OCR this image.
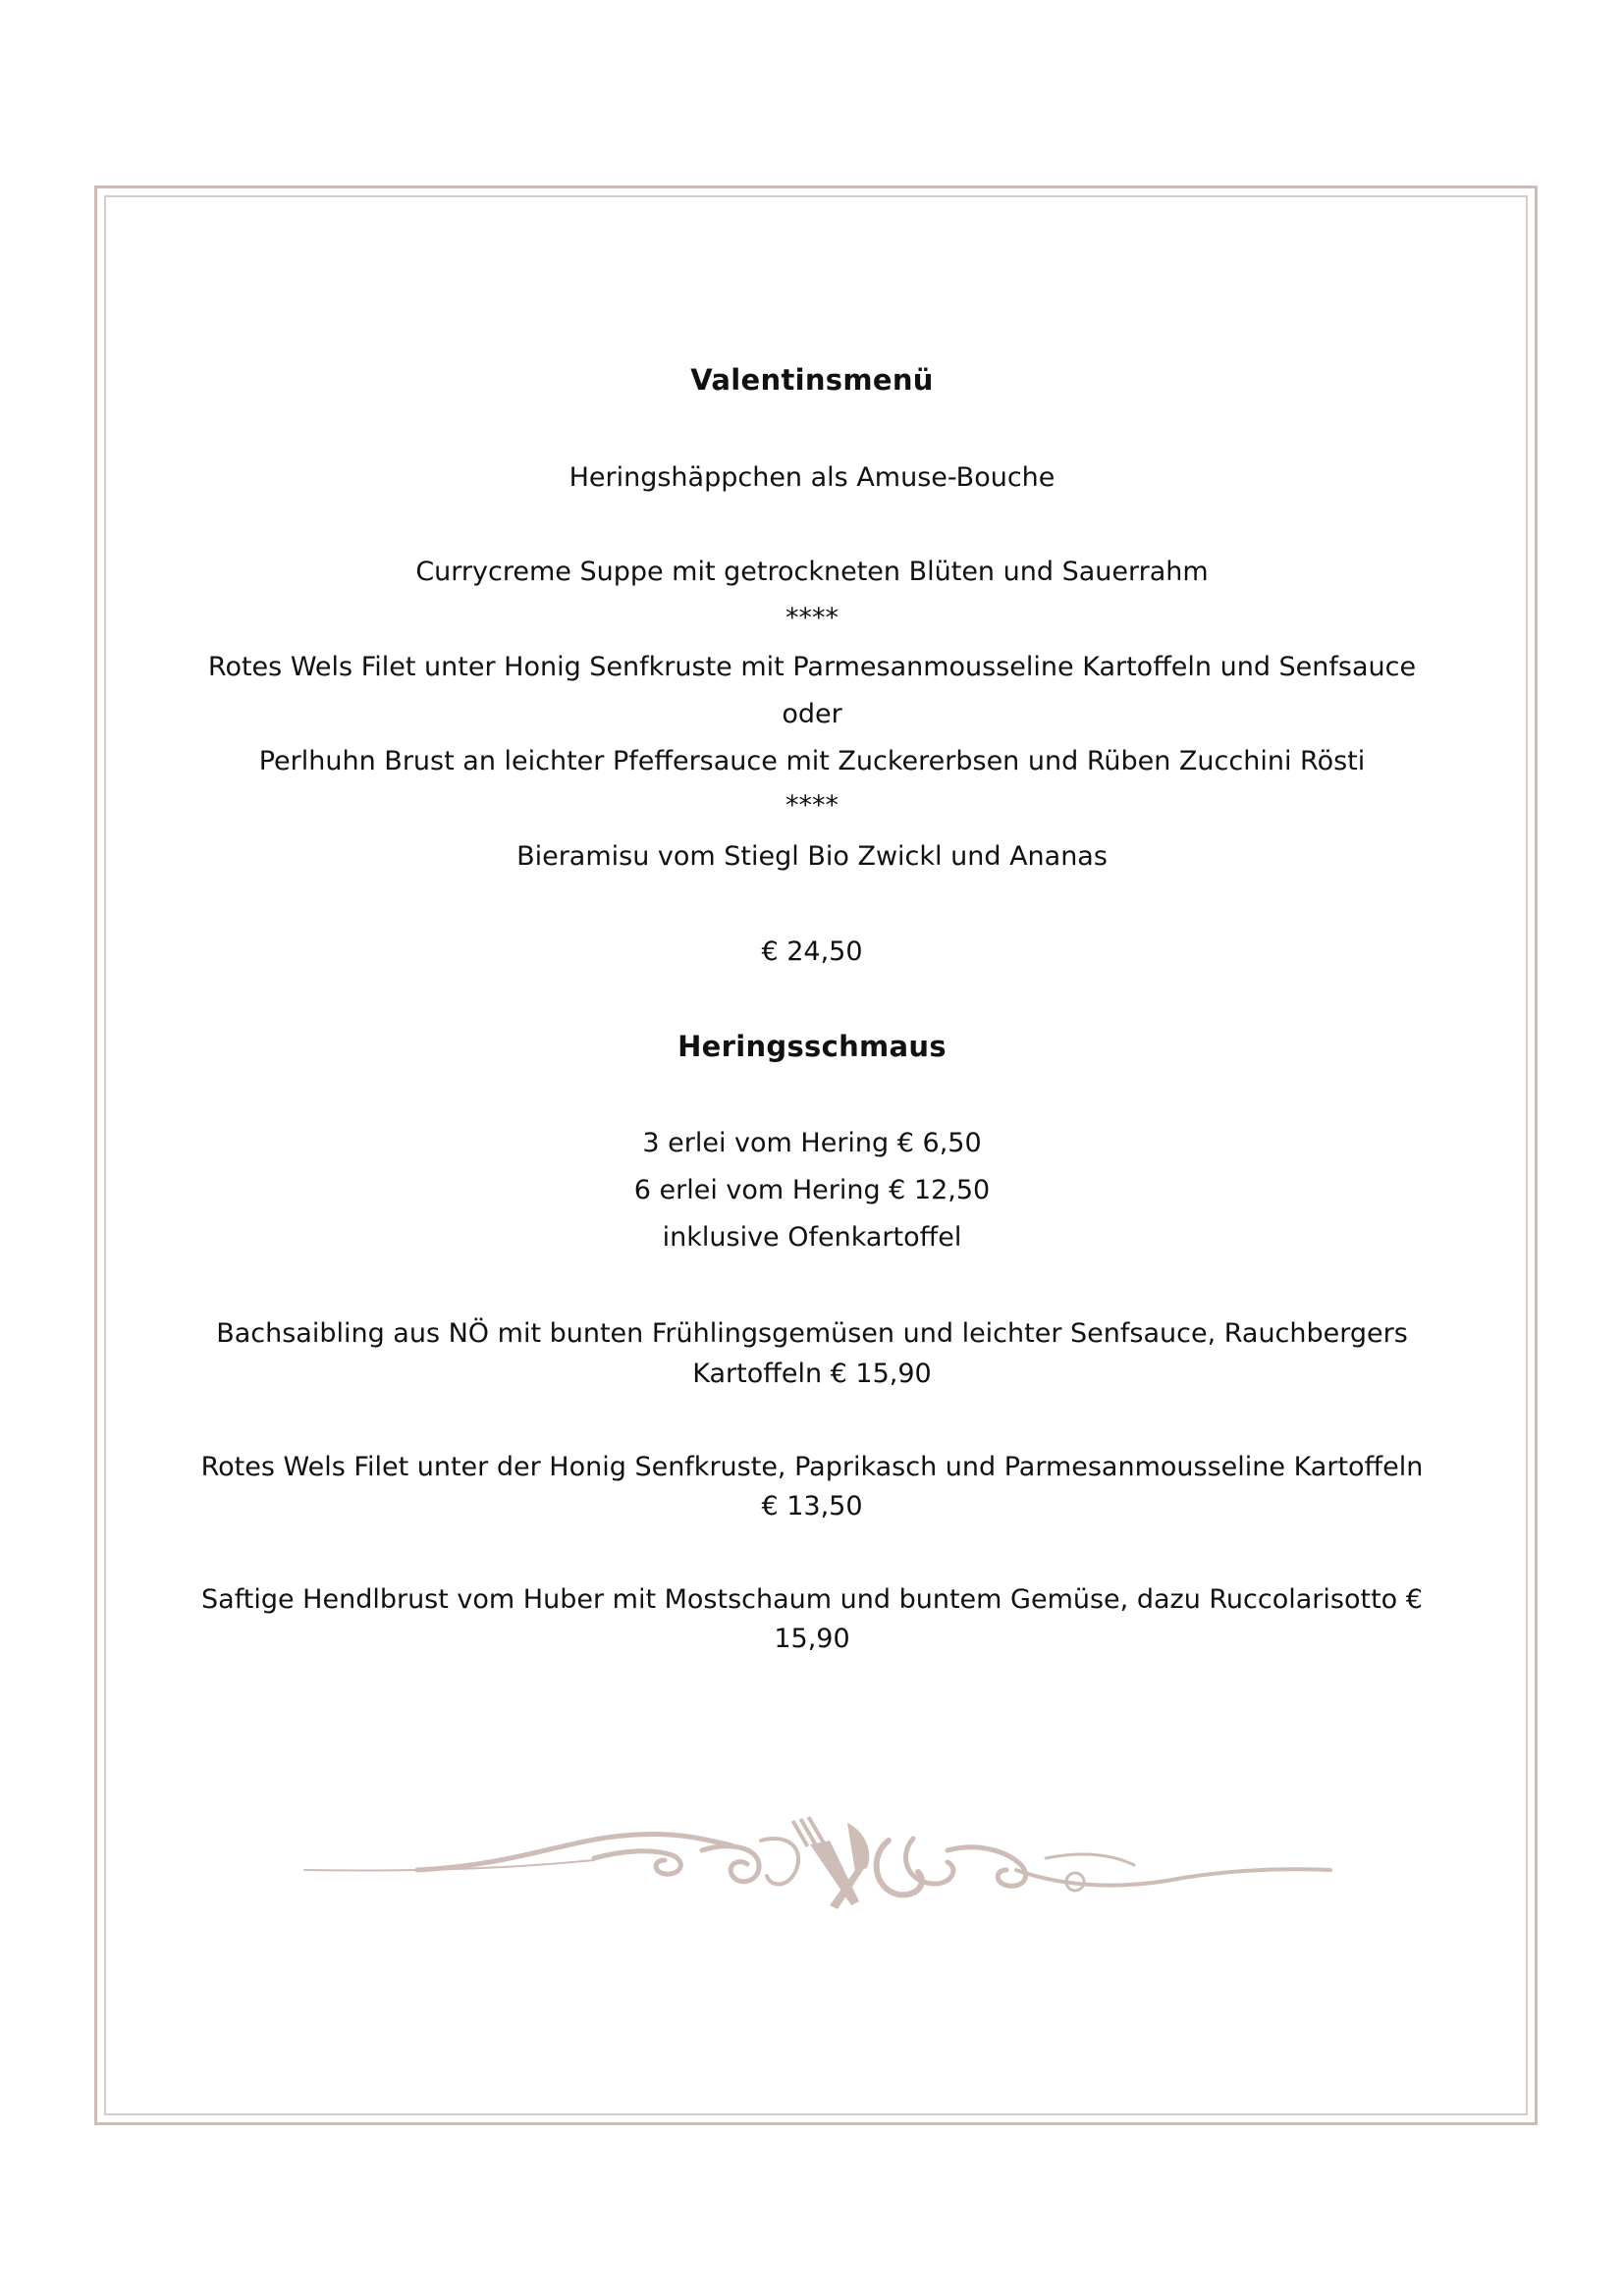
Valentinsmenü
Heringshäppchen als Amuse-Bouche
Currycreme Suppe mit getrockneten Blüten und Sauerrahm
****
Rotes Wels Filet unter Honig Senfkruste mit Parmesanmousseline Kartoffeln und Senfsauce
oder
Perlhuhn Brust an leichter Pfeffersauce mit Zuckererbsen und Rüben Zucchini Rösti
****
Bieramisu vom Stiegl Bio Zwickl und Ananas
€ 24,50
Heringsschmaus
3 erlei vom Hering € 6,50
6 erlei vom Hering € 12,50
inklusive Ofenkartoffel
Bachsaibling aus NÖ mit bunten Frühlingsgemüsen und leichter Senfsauce, Rauchbergers
Kartoffeln € 15,90
Rotes Wels Filet unter der Honig Senfkruste, Paprikasch und Parmesanmousseline Kartoffeln
€ 13,50
Saftige Hendlbrust vom Huber mit Mostschaum und buntem Gemüse, dazu Ruccolarisotto €
15,90
